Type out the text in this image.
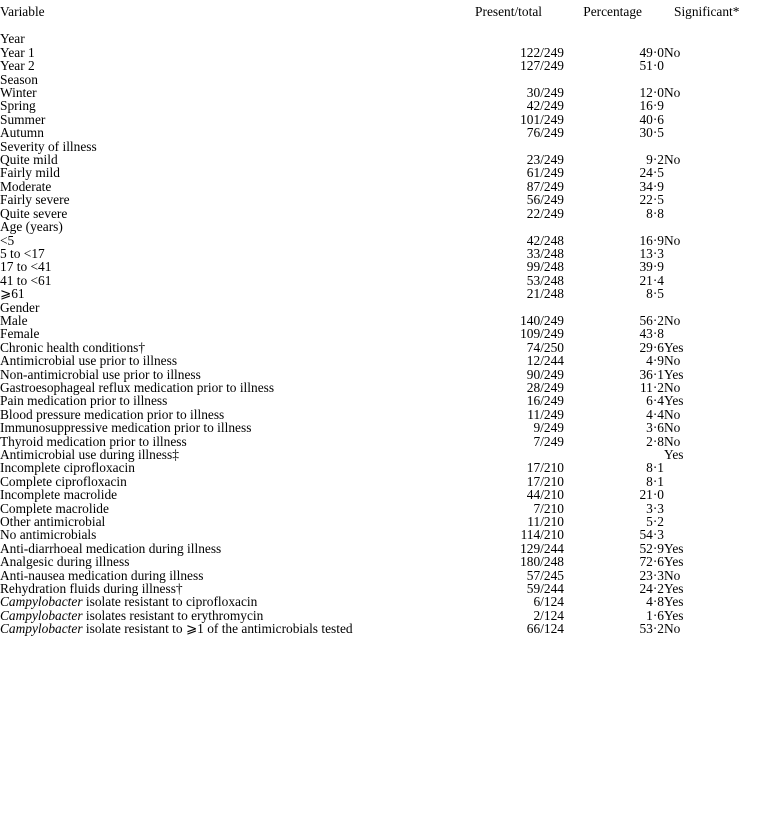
Variable	Present/total	Percentage	Significant*
Year			
Year 1	122/249	49·0	No
Year 2	127/249	51·0	
Season			
Winter	30/249	12·0	No
Spring	42/249	16·9	
Summer	101/249	40·6	
Autumn	76/249	30·5	
Severity of illness			
Quite mild	23/249	9·2	No
Fairly mild	61/249	24·5	
Moderate	87/249	34·9	
Fairly severe	56/249	22·5	
Quite severe	22/249	8·8	
Age (years)			
<5	42/248	16·9	No
5 to <17	33/248	13·3	
17 to <41	99/248	39·9	
41 to <61	53/248	21·4	
⩾61	21/248	8·5	
Gender			
Male	140/249	56·2	No
Female	109/249	43·8	
Chronic health conditions†	74/250	29·6	Yes
Antimicrobial use prior to illness	12/244	4·9	No
Non-antimicrobial use prior to illness	90/249	36·1	Yes
Gastroesophageal reflux medication prior to illness	28/249	11·2	No
Pain medication prior to illness	16/249	6·4	Yes
Blood pressure medication prior to illness	11/249	4·4	No
Immunosuppressive medication prior to illness	9/249	3·6	No
Thyroid medication prior to illness	7/249	2·8	No
Antimicrobial use during illness‡			Yes
Incomplete ciprofloxacin	17/210	8·1	
Complete ciprofloxacin	17/210	8·1	
Incomplete macrolide	44/210	21·0	
Complete macrolide	7/210	3·3	
Other antimicrobial	11/210	5·2	
No antimicrobials	114/210	54·3	
Anti-diarrhoeal medication during illness	129/244	52·9	Yes
Analgesic during illness	180/248	72·6	Yes
Anti-nausea medication during illness	57/245	23·3	No
Rehydration fluids during illness†	59/244	24·2	Yes
Campylobacter isolate resistant to ciprofloxacin	6/124	4·8	Yes
Campylobacter isolates resistant to erythromycin	2/124	1·6	Yes
Campylobacter isolate resistant to ⩾1 of the antimicrobials tested	66/124	53·2	No
